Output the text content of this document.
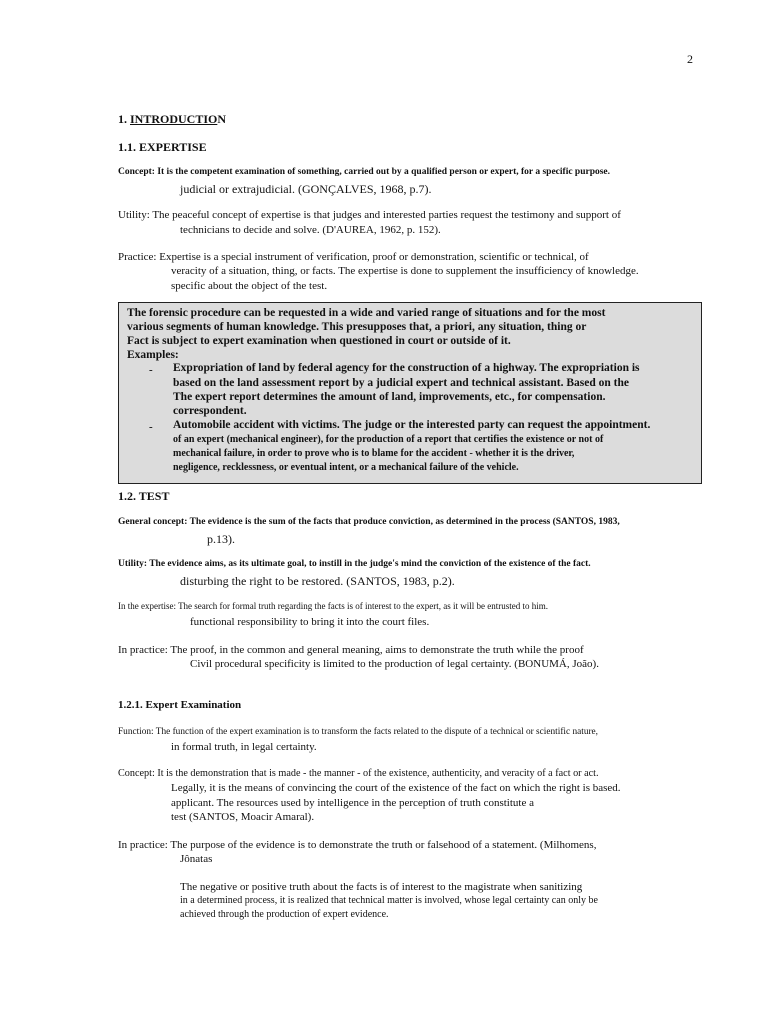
2
1. INTRODUCTION
1.1. EXPERTISE
Concept: It is the competent examination of something, carried out by a qualified person or expert, for a specific purpose.
judicial or extrajudicial. (GONÇALVES, 1968, p.7).
Utility: The peaceful concept of expertise is that judges and interested parties request the testimony and support of
technicians to decide and solve. (D'AUREA, 1962, p. 152).
Practice: Expertise is a special instrument of verification, proof or demonstration, scientific or technical, of
veracity of a situation, thing, or facts. The expertise is done to supplement the insufficiency of knowledge.
specific about the object of the test.
The forensic procedure can be requested in a wide and varied range of situations and for the most
various segments of human knowledge. This presupposes that, a priori, any situation, thing or
Fact is subject to expert examination when questioned in court or outside of it.
Examples:
- Expropriation of land by federal agency for the construction of a highway. The expropriation is
based on the land assessment report by a judicial expert and technical assistant. Based on the
The expert report determines the amount of land, improvements, etc., for compensation.
correspondent.
- Automobile accident with victims. The judge or the interested party can request the appointment.
of an expert (mechanical engineer), for the production of a report that certifies the existence or not of
mechanical failure, in order to prove who is to blame for the accident - whether it is the driver,
negligence, recklessness, or eventual intent, or a mechanical failure of the vehicle.
1.2. TEST
General concept: The evidence is the sum of the facts that produce conviction, as determined in the process (SANTOS, 1983,
p.13).
Utility: The evidence aims, as its ultimate goal, to instill in the judge's mind the conviction of the existence of the fact.
disturbing the right to be restored. (SANTOS, 1983, p.2).
In the expertise: The search for formal truth regarding the facts is of interest to the expert, as it will be entrusted to him.
functional responsibility to bring it into the court files.
In practice: The proof, in the common and general meaning, aims to demonstrate the truth while the proof
Civil procedural specificity is limited to the production of legal certainty. (BONUMÁ, João).
1.2.1. Expert Examination
Function: The function of the expert examination is to transform the facts related to the dispute of a technical or scientific nature,
in formal truth, in legal certainty.
Concept: It is the demonstration that is made - the manner - of the existence, authenticity, and veracity of a fact or act.
Legally, it is the means of convincing the court of the existence of the fact on which the right is based.
applicant. The resources used by intelligence in the perception of truth constitute a
test (SANTOS, Moacir Amaral).
In practice: The purpose of the evidence is to demonstrate the truth or falsehood of a statement. (Milhomens,
Jônatas
The negative or positive truth about the facts is of interest to the magistrate when sanitizing
in a determined process, it is realized that technical matter is involved, whose legal certainty can only be
achieved through the production of expert evidence.
